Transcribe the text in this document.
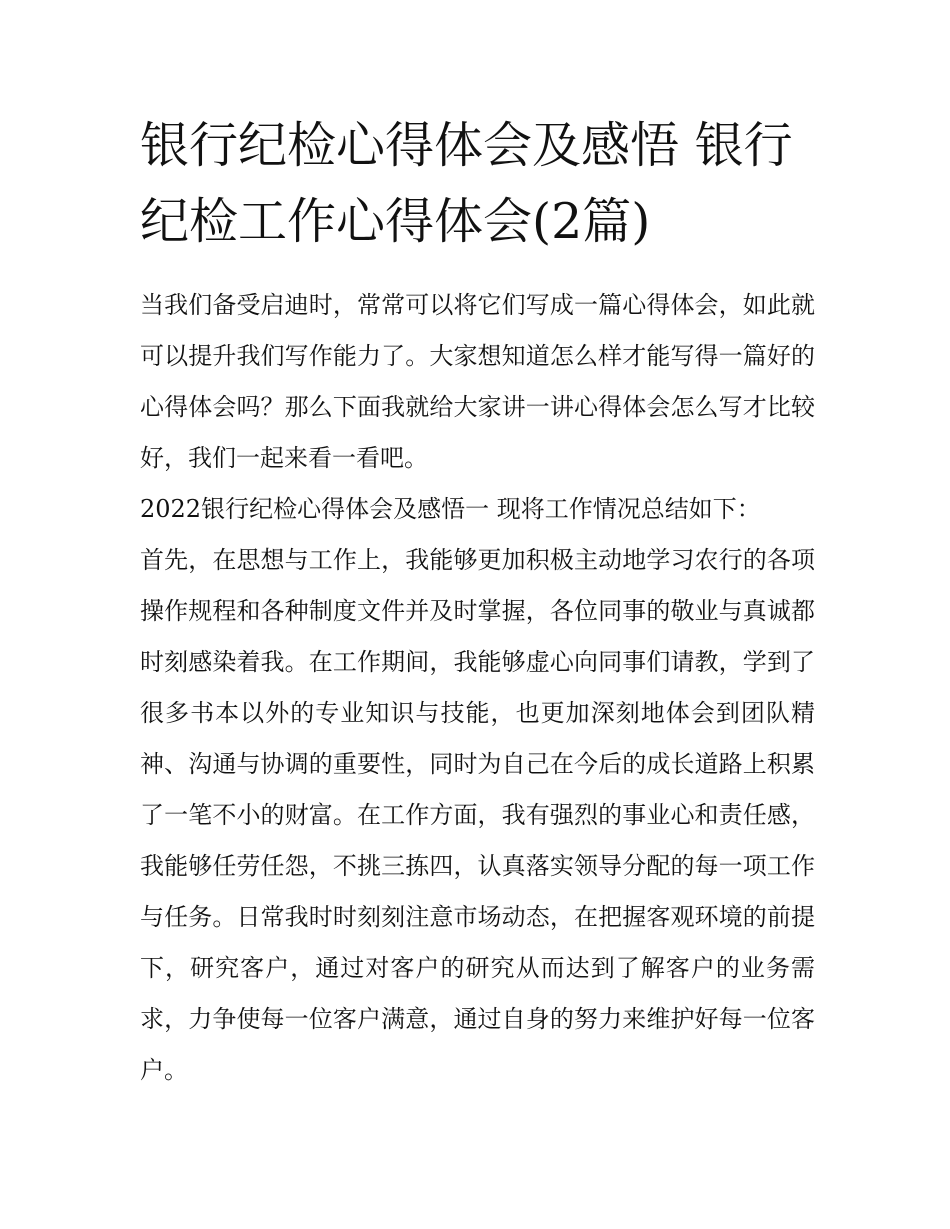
银行纪检心得体会及感悟 银行纪检工作心得体会(2篇)

当我们备受启迪时，常常可以将它们写成一篇心得体会，如此就可以提升我们写作能力了。大家想知道怎么样才能写得一篇好的心得体会吗？那么下面我就给大家讲一讲心得体会怎么写才比较好，我们一起来看一看吧。

2022银行纪检心得体会及感悟一 现将工作情况总结如下：

首先，在思想与工作上，我能够更加积极主动地学习农行的各项操作规程和各种制度文件并及时掌握，各位同事的敬业与真诚都时刻感染着我。在工作期间，我能够虚心向同事们请教，学到了很多书本以外的专业知识与技能，也更加深刻地体会到团队精神、沟通与协调的重要性，同时为自己在今后的成长道路上积累了一笔不小的财富。在工作方面，我有强烈的事业心和责任感，我能够任劳任怨，不挑三拣四，认真落实领导分配的每一项工作与任务。日常我时时刻刻注意市场动态，在把握客观环境的前提下，研究客户，通过对客户的研究从而达到了解客户的业务需求，力争使每一位客户满意，通过自身的努力来维护好每一位客户。
